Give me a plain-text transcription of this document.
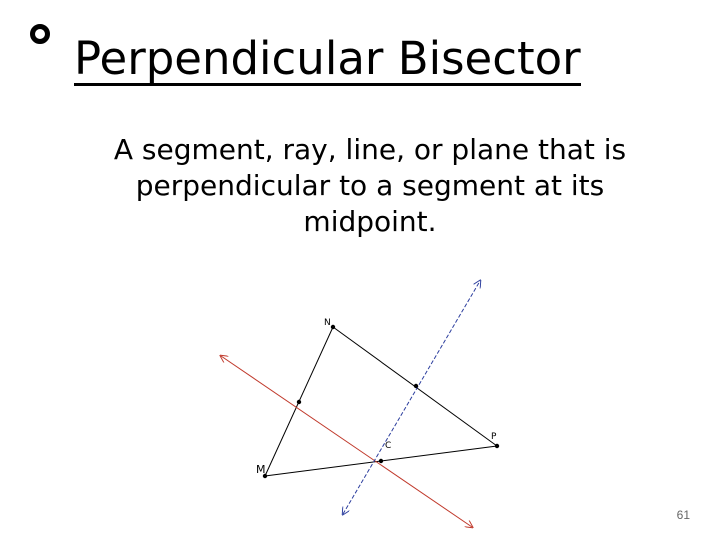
Perpendicular Bisector
A segment, ray, line, or plane that is perpendicular to a segment at its midpoint.
N
P
C
M
61
